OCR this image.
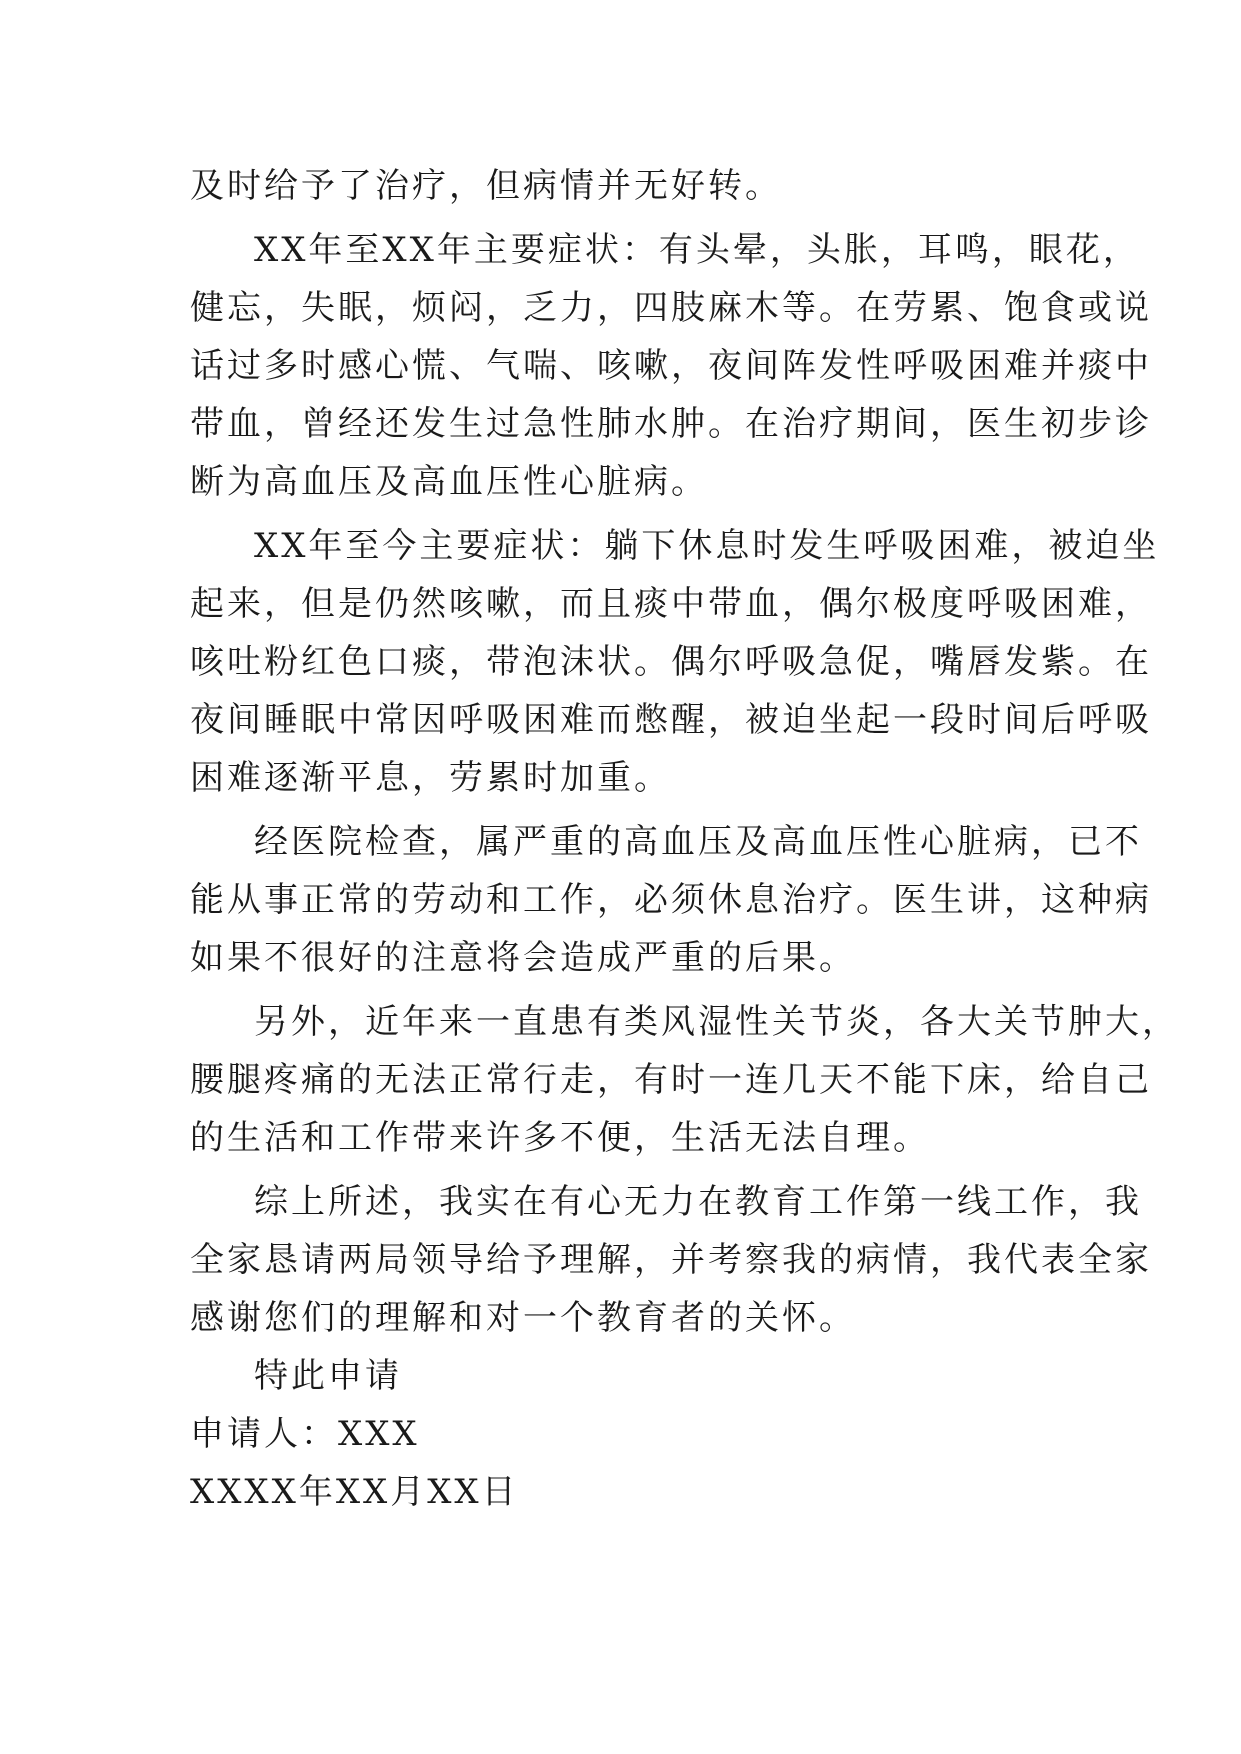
及时给予了治疗，但病情并无好转。
XX年至XX年主要症状：有头晕，头胀，耳鸣，眼花，
健忘，失眠，烦闷，乏力，四肢麻木等。在劳累、饱食或说
话过多时感心慌、气喘、咳嗽，夜间阵发性呼吸困难并痰中
带血，曾经还发生过急性肺水肿。在治疗期间，医生初步诊
断为高血压及高血压性心脏病。
XX年至今主要症状：躺下休息时发生呼吸困难，被迫坐
起来，但是仍然咳嗽，而且痰中带血，偶尔极度呼吸困难，
咳吐粉红色口痰，带泡沫状。偶尔呼吸急促，嘴唇发紫。在
夜间睡眠中常因呼吸困难而憋醒，被迫坐起一段时间后呼吸
困难逐渐平息，劳累时加重。
经医院检查，属严重的高血压及高血压性心脏病，已不
能从事正常的劳动和工作，必须休息治疗。医生讲，这种病
如果不很好的注意将会造成严重的后果。
另外，近年来一直患有类风湿性关节炎，各大关节肿大，
腰腿疼痛的无法正常行走，有时一连几天不能下床，给自己
的生活和工作带来许多不便，生活无法自理。
综上所述，我实在有心无力在教育工作第一线工作，我
全家恳请两局领导给予理解，并考察我的病情，我代表全家
感谢您们的理解和对一个教育者的关怀。
特此申请
申请人：XXX
XXXX年XX月XX日
